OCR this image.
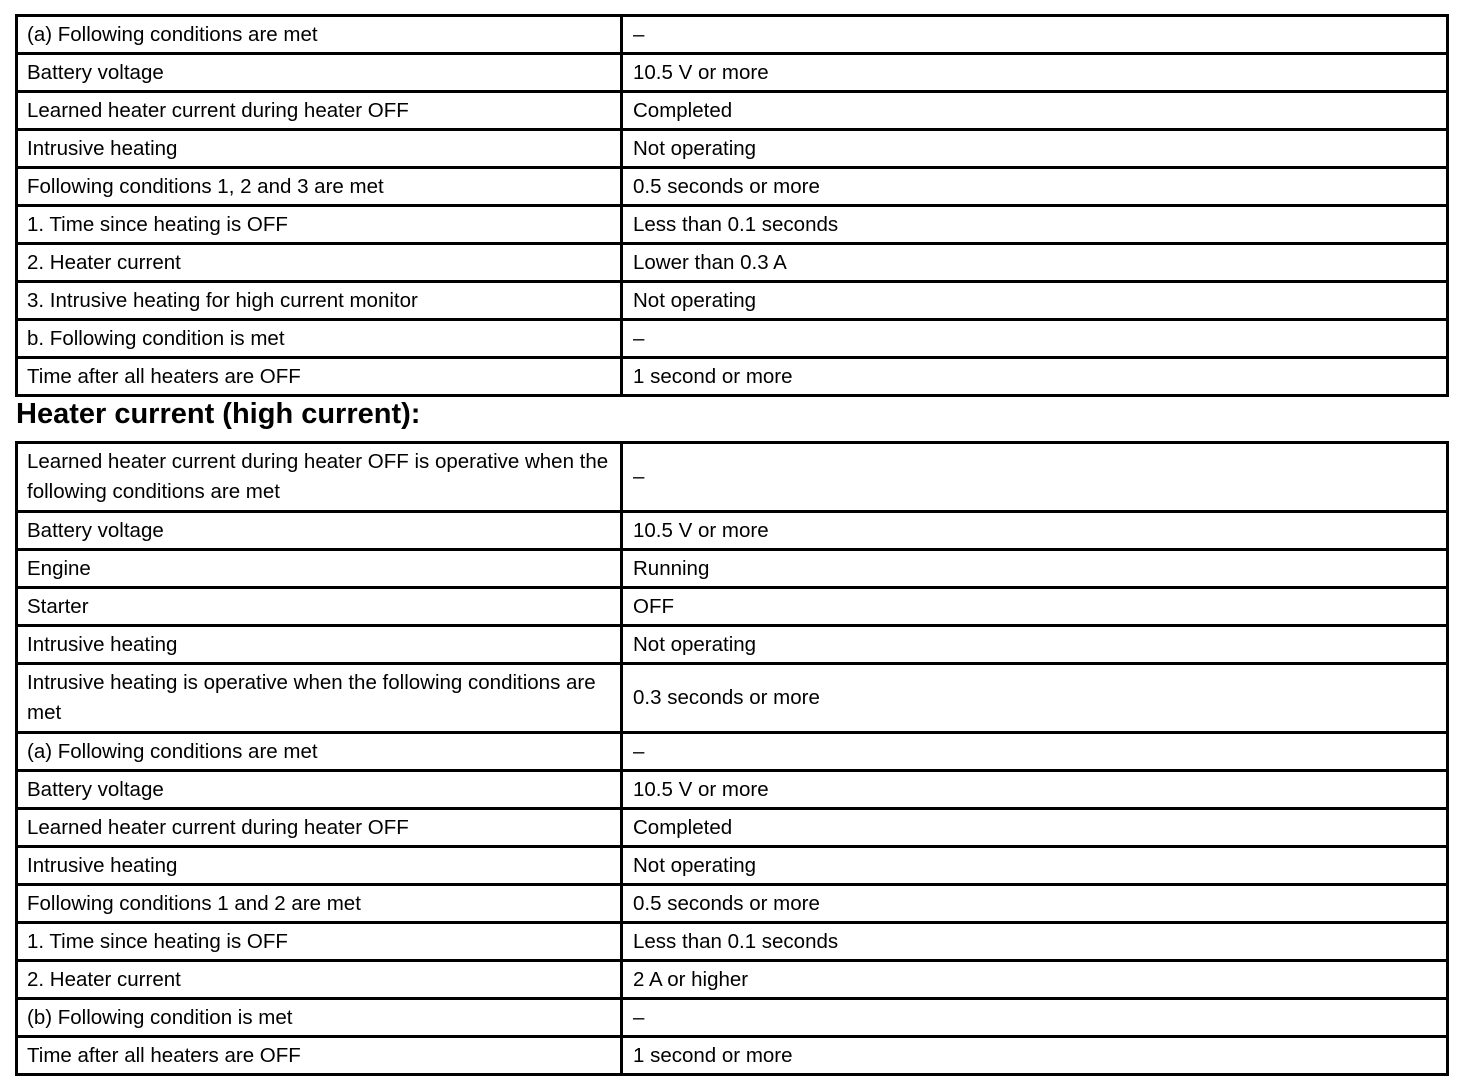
(a) Following conditions are met	–
Battery voltage	10.5 V or more
Learned heater current during heater OFF	Completed
Intrusive heating	Not operating
Following conditions 1, 2 and 3 are met	0.5 seconds or more
1. Time since heating is OFF	Less than 0.1 seconds
2. Heater current	Lower than 0.3 A
3. Intrusive heating for high current monitor	Not operating
b. Following condition is met	–
Time after all heaters are OFF	1 second or more
Heater current (high current):
Learned heater current during heater OFF is operative when the following conditions are met	–
Battery voltage	10.5 V or more
Engine	Running
Starter	OFF
Intrusive heating	Not operating
Intrusive heating is operative when the following conditions are met	0.3 seconds or more
(a) Following conditions are met	–
Battery voltage	10.5 V or more
Learned heater current during heater OFF	Completed
Intrusive heating	Not operating
Following conditions 1 and 2 are met	0.5 seconds or more
1. Time since heating is OFF	Less than 0.1 seconds
2. Heater current	2 A or higher
(b) Following condition is met	–
Time after all heaters are OFF	1 second or more
